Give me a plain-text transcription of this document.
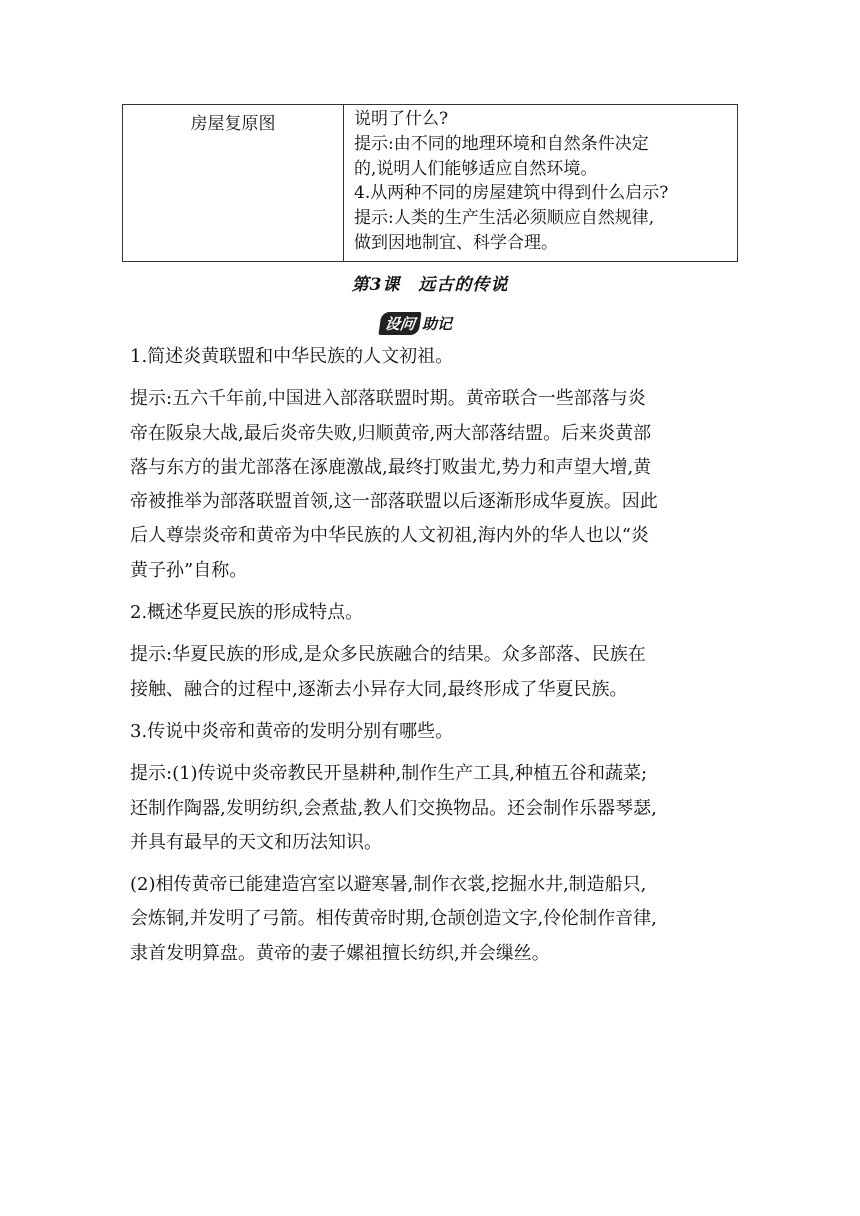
房屋复原图	说明了什么?
提示:由不同的地理环境和自然条件决定
的,说明人们能够适应自然环境。
4.从两种不同的房屋建筑中得到什么启示?
提示:人类的生产生活必须顺应自然规律,
做到因地制宜、科学合理。
第3课　远古的传说
设问 助记
1.简述炎黄联盟和中华民族的人文初祖。
提示:五六千年前,中国进入部落联盟时期。黄帝联合一些部落与炎
帝在阪泉大战,最后炎帝失败,归顺黄帝,两大部落结盟。后来炎黄部
落与东方的蚩尤部落在涿鹿激战,最终打败蚩尤,势力和声望大增,黄
帝被推举为部落联盟首领,这一部落联盟以后逐渐形成华夏族。因此
后人尊崇炎帝和黄帝为中华民族的人文初祖,海内外的华人也以“炎
黄子孙”自称。
2.概述华夏民族的形成特点。
提示:华夏民族的形成,是众多民族融合的结果。众多部落、民族在
接触、融合的过程中,逐渐去小异存大同,最终形成了华夏民族。
3.传说中炎帝和黄帝的发明分别有哪些。
提示:(1)传说中炎帝教民开垦耕种,制作生产工具,种植五谷和蔬菜;
还制作陶器,发明纺织,会煮盐,教人们交换物品。还会制作乐器琴瑟,
并具有最早的天文和历法知识。
(2)相传黄帝已能建造宫室以避寒暑,制作衣裳,挖掘水井,制造船只,
会炼铜,并发明了弓箭。相传黄帝时期,仓颉创造文字,伶伦制作音律,
隶首发明算盘。黄帝的妻子嫘祖擅长纺织,并会缫丝。
